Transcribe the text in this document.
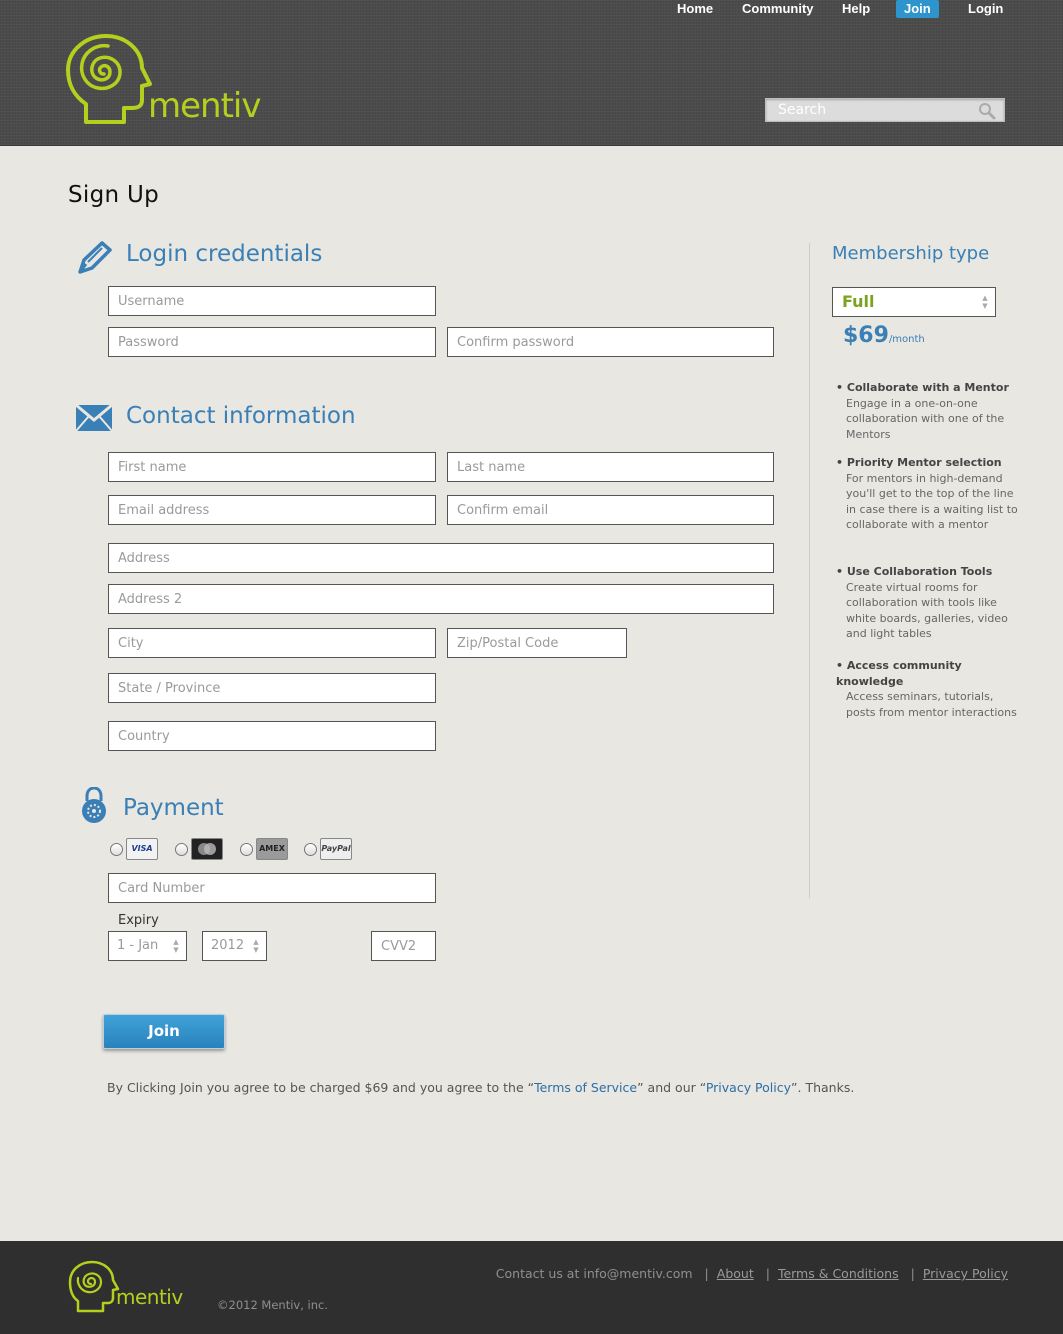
mentiv
Home Community Help	Join	Login
Search
Sign Up
Login credentials
Username
Contact information
First name
Last name
Email address
Confirm email
Address
Address 2
City
Zip/Postal Code
State / Province
Country
Payment
VISA	AMEX	PayPal
Card Number
Expiry
1 - Jan ▲
▼	2012 ▲
▼
CVV2
Join
By Clicking Join you agree to be charged $69 and you agree to the “Terms of Service” and our “Privacy Policy”. Thanks.
Membership type
Full	▲
▼
$69/month
• Collaborate with a Mentor
Engage in a one-on-one collaboration with one of the Mentors
• Priority Mentor selection
For mentors in high-demand you'll get to the top of the line in case there is a waiting list to collaborate with a mentor
• Use Collaboration Tools
Create virtual rooms for collaboration with tools like white boards, galleries, video and light tables
• Access community knowledge
Access seminars, tutorials, posts from mentor interactions
mentiv	©2012 Mentiv, inc.
Contact us at info@mentiv.com | About | Terms & Conditions | Privacy Policy
